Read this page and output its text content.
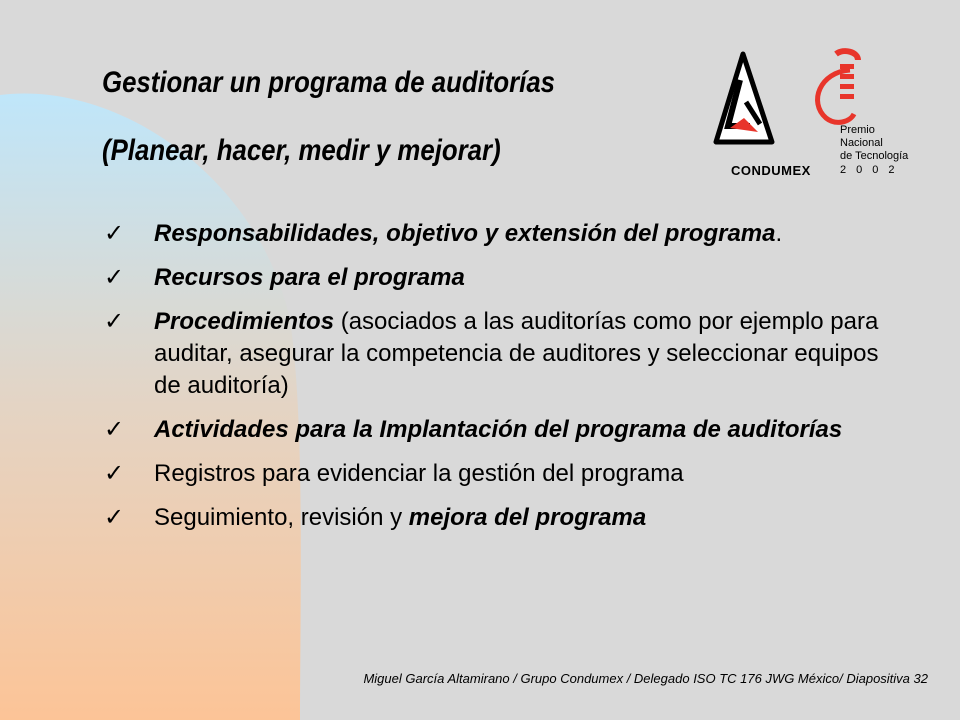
Gestionar un programa de auditorías
(Planear, hacer, medir y mejorar)
CONDUMEX
Premio
Nacional
de Tecnología
2002
✓ Responsabilidades, objetivo y extensión del programa.
✓ Recursos para el programa
✓ Procedimientos (asociados a las auditorías como por ejemplo para auditar, asegurar la competencia de auditores y seleccionar equipos de auditoría)
✓ Actividades para la Implantación del programa de auditorías
✓ Registros para evidenciar la gestión del programa
✓ Seguimiento, revisión y mejora del programa
Miguel García Altamirano / Grupo Condumex / Delegado ISO TC 176 JWG México/ Diapositiva 32
